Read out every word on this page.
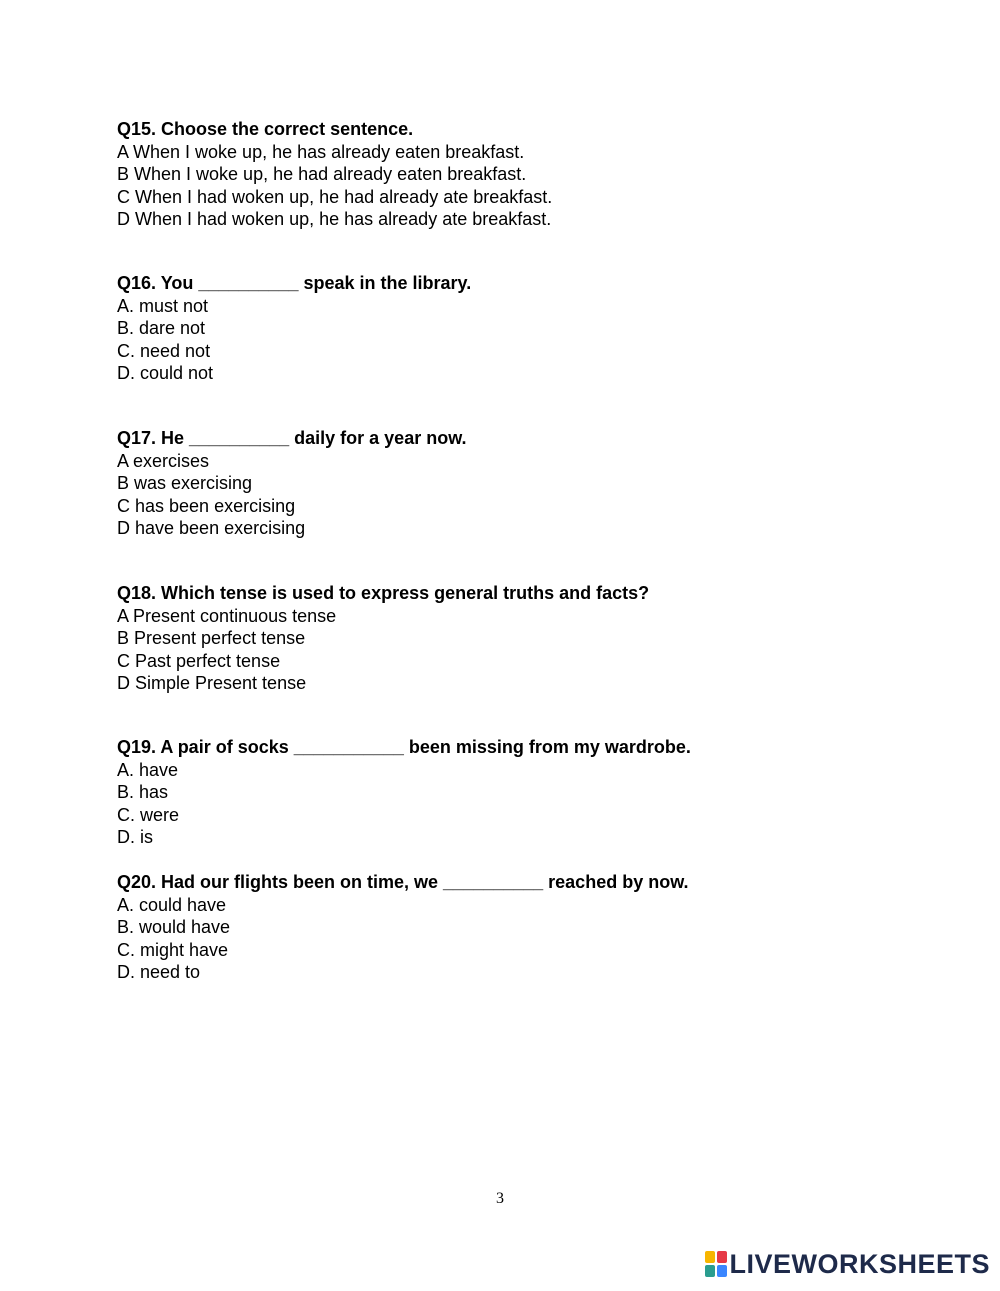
Q15. Choose the correct sentence.

A When I woke up, he has already eaten breakfast.

B When I woke up, he had already eaten breakfast.

C When I had woken up, he had already ate breakfast.

D When I had woken up, he has already ate breakfast.

Q16. You __________ speak in the library.

A. must not

B. dare not

C. need not

D. could not

Q17. He __________ daily for a year now.

A exercises

B was exercising

C has been exercising

D have been exercising

Q18. Which tense is used to express general truths and facts?

A Present continuous tense

B Present perfect tense

C Past perfect tense

D Simple Present tense

Q19. A pair of socks ___________ been missing from my wardrobe.

A. have

B. has

C. were

D. is

Q20. Had our flights been on time, we __________ reached by now.

A. could have

B. would have

C. might have

D. need to

3
LIVEWORKSHEETS
